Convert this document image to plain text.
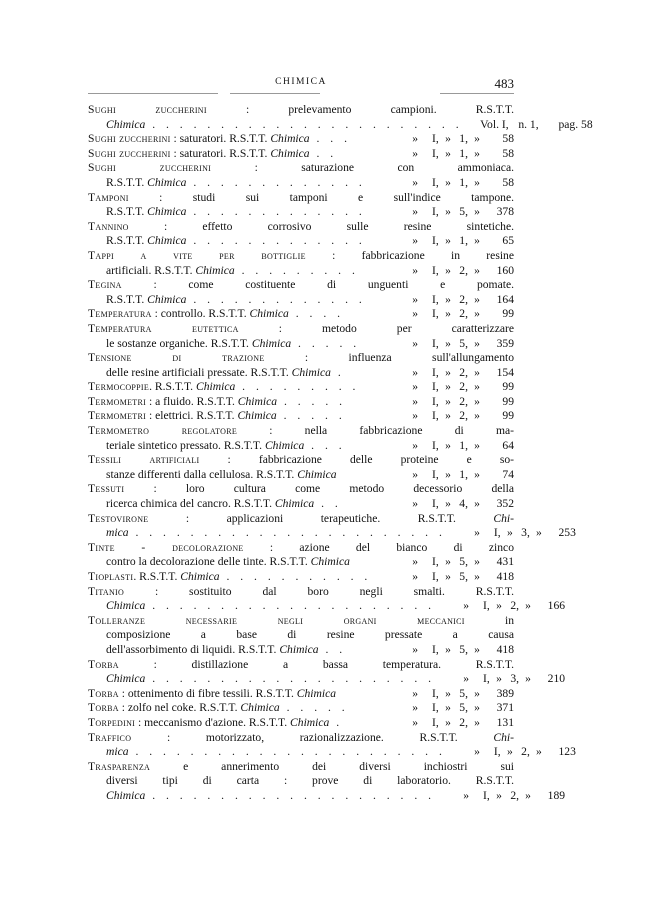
CHIMICA	483
Sughi zuccherini : prelevamento campioni. R.S.T.T.
Chimica . . . . . . . . . . . . . . . . . . . . . . .	Vol. I, n. 1,	pag. 58
Sughi zuccherini : saturatori. R.S.T.T. Chimica . . .	» I, » 1, »	58
Sughi zuccherini : saturatori. R.S.T.T. Chimica . .	» I, » 1, »	58
Sughi zuccherini : saturazione con ammoniaca.
R.S.T.T. Chimica . . . . . . . . . . . . .	» I, » 1, »	58
Tamponi : studi sui tamponi e sull'indice tampone.
R.S.T.T. Chimica . . . . . . . . . . . . .	» I, » 5, »	378
Tannino : effetto corrosivo sulle resine sintetiche.
R.S.T.T. Chimica . . . . . . . . . . . . .	» I, » 1, »	65
Tappi a vite per bottiglie : fabbricazione in resine
artificiali. R.S.T.T. Chimica . . . . . . . . .	» I, » 2, »	160
Tegina : come costituente di unguenti e pomate.
R.S.T.T. Chimica . . . . . . . . . . . . .	» I, » 2, »	164
Temperatura : controllo. R.S.T.T. Chimica . . . .	» I, » 2, »	99
Temperatura eutettica : metodo per caratterizzare
le sostanze organiche. R.S.T.T. Chimica . . . . .	» I, » 5, »	359
Tensione di trazione : influenza sull'allungamento
delle resine artificiali pressate. R.S.T.T. Chimica .	» I, » 2, »	154
Termocoppie. R.S.T.T. Chimica . . . . . . . . .	» I, » 2, »	99
Termometri : a fluido. R.S.T.T. Chimica . . . . .	» I, » 2, »	99
Termometri : elettrici. R.S.T.T. Chimica . . . . .	» I, » 2, »	99
Termometro regolatore : nella fabbricazione di ma-
teriale sintetico pressato. R.S.T.T. Chimica . . .	» I, » 1, »	64
Tessili artificiali : fabbricazione delle proteine e so-
stanze differenti dalla cellulosa. R.S.T.T. Chimica	» I, » 1, »	74
Tessuti : loro cultura come metodo decessorio della
ricerca chimica del cancro. R.S.T.T. Chimica . .	» I, » 4, »	352
Testovirone : applicazioni terapeutiche. R.S.T.T. Chi-
mica . . . . . . . . . . . . . . . . . . . . . . .	» I, » 3, »	253
Tinte - decolorazione : azione del bianco di zinco
contro la decolorazione delle tinte. R.S.T.T. Chimica	» I, » 5, »	431
Tioplasti. R.S.T.T. Chimica . . . . . . . . . . .	» I, » 5, »	418
Titanio : sostituito dal boro negli smalti. R.S.T.T.
Chimica . . . . . . . . . . . . . . . . . . . . .	» I, » 2, »	166
Tolleranze necessarie negli organi meccanici in
composizione a base di resine pressate a causa
dell'assorbimento di liquidi. R.S.T.T. Chimica . .	» I, » 5, »	418
Torba : distillazione a bassa temperatura. R.S.T.T.
Chimica . . . . . . . . . . . . . . . . . . . . .	» I, » 3, »	210
Torba : ottenimento di fibre tessili. R.S.T.T. Chimica	» I, » 5, »	389
Torba : zolfo nel coke. R.S.T.T. Chimica . . . . .	» I, » 5, »	371
Torpedini : meccanismo d'azione. R.S.T.T. Chimica .	» I, » 2, »	131
Traffico : motorizzato, razionalizzazione. R.S.T.T. Chi-
mica . . . . . . . . . . . . . . . . . . . . . . .	» I, » 2, »	123
Trasparenza e annerimento dei diversi inchiostri sui
diversi tipi di carta : prove di laboratorio. R.S.T.T.
Chimica . . . . . . . . . . . . . . . . . . . . .	» I, » 2, »	189
